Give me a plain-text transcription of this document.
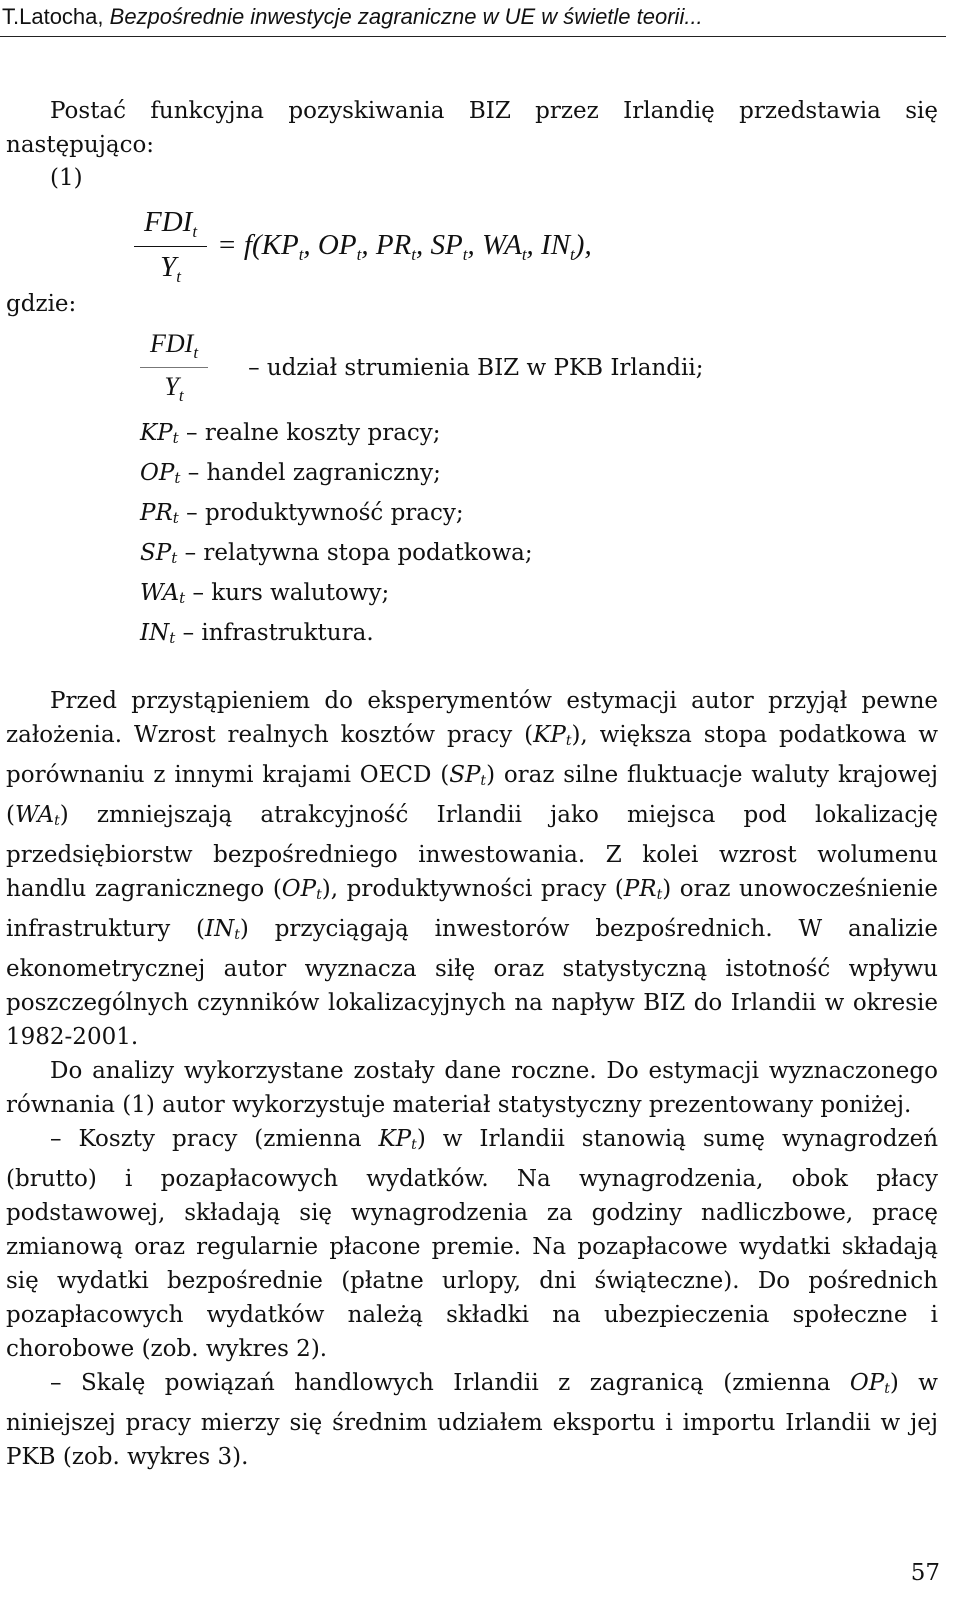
T.Latocha, Bezpośrednie inwestycje zagraniczne w UE w świetle teorii...

Postać funkcyjna pozyskiwania BIZ przez Irlandię przedstawia się następująco:

(1)
$\frac{FDI_t}{Y_t} = f(KP_t$, $OP_t$, $PR_t$, $SP_t$, $WA_t$, $IN_t$),
gdzie:
$\frac{FDI_t}{Y_t}$ – udział strumienia BIZ w PKB Irlandii;
$KP_t$ – realne koszty pracy;
$OP_t$ – handel zagraniczny;
$PR_t$ – produktywność pracy;
$SP_t$ – relatywna stopa podatkowa;
$WA_t$ – kurs walutowy;
$IN_t$ – infrastruktura.

Przed przystąpieniem do eksperymentów estymacji autor przyjął pewne założenia. Wzrost realnych kosztów pracy $(KP_t)$, większa stopa podatkowa w porównaniu z innymi krajami OECD $(SP_t)$ oraz silne fluktuacje waluty krajowej $(WA_t)$ zmniejszają atrakcyjność Irlandii jako miejsca pod lokalizację przedsiębiorstw bezpośredniego inwestowania. Z kolei wzrost wolumenu handlu zagranicznego $(OP_t)$, produktywności pracy $(PR_t)$ oraz unowocześnienie infrastruktury $(IN_t)$ przyciągają inwestorów bezpośrednich. W analizie ekonometrycznej autor wyznacza siłę oraz statystyczną istotność wpływu poszczególnych czynników lokalizacyjnych na napływ BIZ do Irlandii w okresie 1982-2001.

Do analizy wykorzystane zostały dane roczne. Do estymacji wyznaczonego równania (1) autor wykorzystuje materiał statystyczny prezentowany poniżej.

– Koszty pracy (zmienna $KP_t$) w Irlandii stanowią sumę wynagrodzeń (brutto) i pozapłacowych wydatków. Na wynagrodzenia, obok płacy podstawowej, składają się wynagrodzenia za godziny nadliczbowe, pracę zmianową oraz regularnie płacone premie. Na pozapłacowe wydatki składają się wydatki bezpośrednie (płatne urlopy, dni świąteczne). Do pośrednich pozapłacowych wydatków należą składki na ubezpieczenia społeczne i chorobowe (zob. wykres 2).

– Skalę powiązań handlowych Irlandii z zagranicą (zmienna $OP_t$) w niniejszej pracy mierzy się średnim udziałem eksportu i importu Irlandii w jej PKB (zob. wykres 3).

57
